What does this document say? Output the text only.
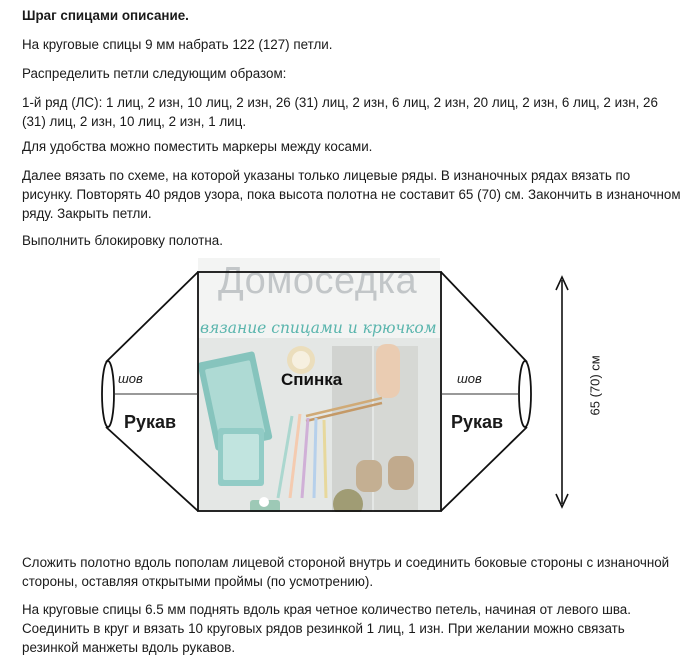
Шраг спицами описание.

На круговые спицы 9 мм набрать 122 (127) петли.

Распределить петли следующим образом:

1-й ряд (ЛС): 1 лиц, 2 изн, 10 лиц, 2 изн, 26 (31) лиц, 2 изн, 6 лиц, 2 изн, 20 лиц, 2 изн, 6 лиц, 2 изн, 26 (31) лиц, 2 изн, 10 лиц, 2 изн, 1 лиц.

Для удобства можно поместить маркеры между косами.

Далее вязать по схеме, на которой указаны только лицевые ряды. В изнаночных рядах вязать по рисунку. Повторять 40 рядов узора, пока высота полотна не составит 65 (70) см. Закончить в изнаночном ряду. Закрыть петли.

Выполнить блокировку полотна.

Домоседка
вязание спицами и крючком
Спинка
шов	шов
Рукав	Рукав
65 (70) см

Сложить полотно вдоль пополам лицевой стороной внутрь и соединить боковые стороны с изнаночной стороны, оставляя открытыми проймы (по усмотрению).

На круговые спицы 6.5 мм поднять вдоль края четное количество петель, начиная от левого шва. Соединить в круг и вязать 10 круговых рядов резинкой 1 лиц, 1 изн. При желании можно связать резинкой манжеты вдоль рукавов.
